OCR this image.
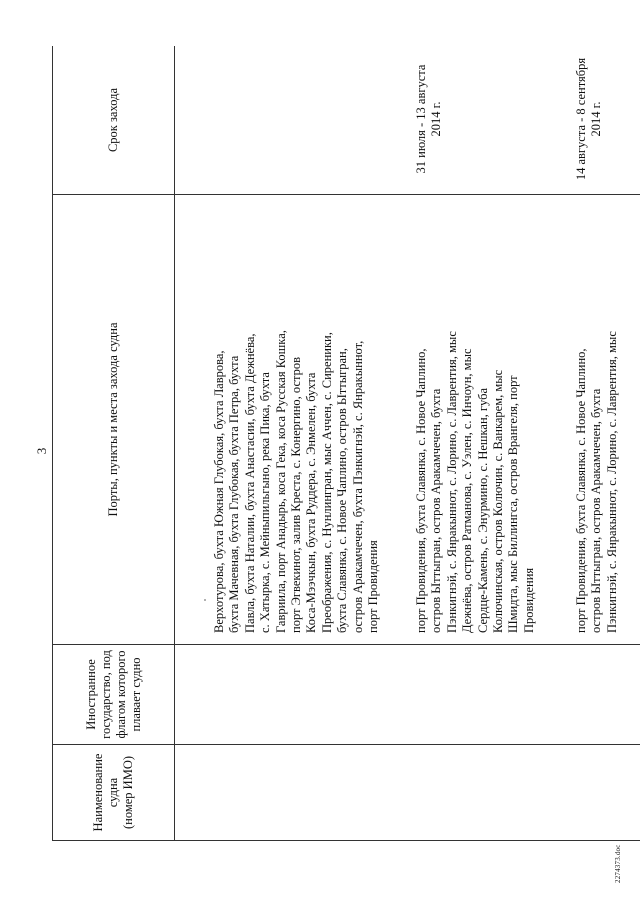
3
Наименование судна (номер ИМО)
Иностранное государство, под флагом которого плавает судно
Порты, пункты и места захода судна
Срок захода
Верхотурова, бухта Южная Глубокая, бухта Лаврова, бухта Мачевная, бухта Глубокая, бухта Петра, бухта Павла, бухта Наталии, бухта Анастасии, бухта Дежнёва, с. Хатырка, с. Мейныпильгыно, река Пика, бухта Гавриила, порт Анадырь, коса Гека, коса Русская Кошка, порт Эгвекинот, залив Креста, с. Конергино, остров Коса-Мээчкын, бухта Руддера, с. Энмелен, бухта Преображения, с. Нунлингран, мыс Аччен, с. Сиреники, бухта Славянка, с. Новое Чаплино, остров Ыттыгран, остров Аракамчечен, бухта Пэнкигнэй, с. Янракыннот, порт Провидения	порт Провидения, бухта Славянка, с. Новое Чаплино, остров Ыттыгран, остров Аракамчечен, бухта Пэнкигнэй, с. Янракыннот, с. Лорино, с. Лаврентия, мыс Дежнёва, остров Ратманова, с. Уэлен, с. Инчоун, мыс Сердце-Камень, с. Энурмино, с. Нешкан, губа Колючинская, остров Колючин, с. Ванкарем, мыс Шмидта, мыс Биллингса, остров Врангеля, порт Провидения
31 июля - 13 августа 2014 г.
порт Провидения, бухта Славянка, с. Новое Чаплино, остров Ыттыгран, остров Аракамчечен, бухта Пэнкигнэй, с. Янракыннот, с. Лорино, с. Лаврентия, мыс
14 августа - 8 сентября 2014 г.
2274373.doc
